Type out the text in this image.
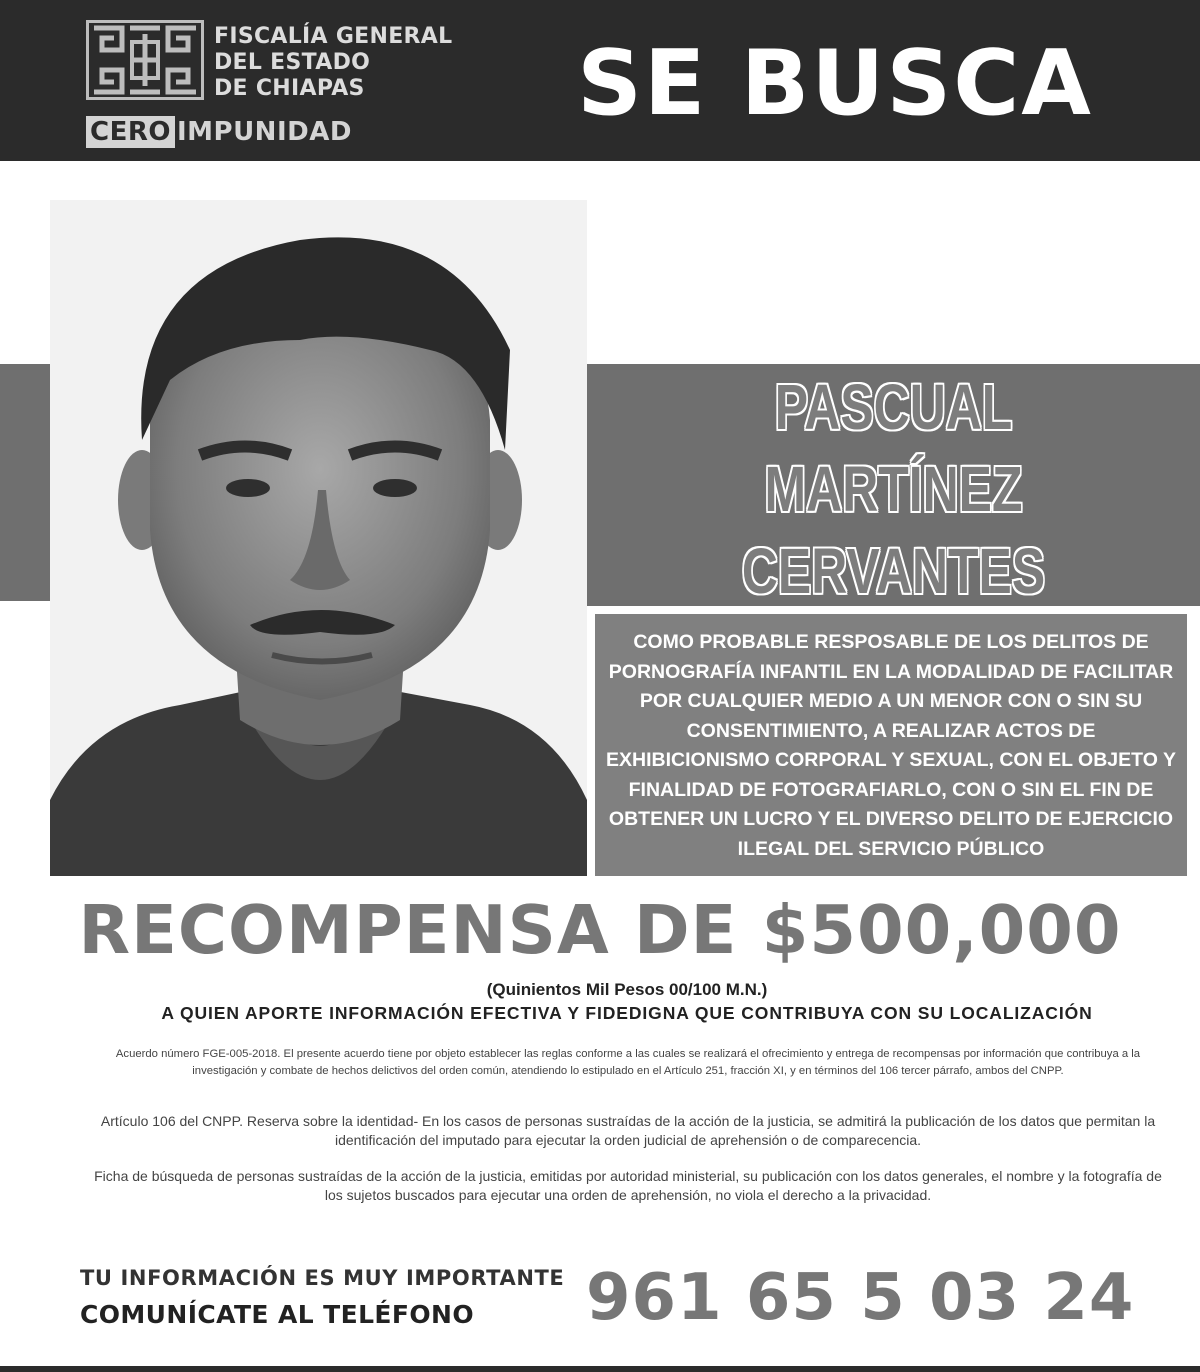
FISCALÍA GENERAL
DEL ESTADO
DE CHIAPAS
CERO IMPUNIDAD	SE BUSCA
PASCUAL
MARTÍNEZ
CERVANTES
COMO PROBABLE RESPOSABLE DE LOS DELITOS DE PORNOGRAFÍA INFANTIL EN LA MODALIDAD DE FACILITAR POR CUALQUIER MEDIO A UN MENOR CON O SIN SU CONSENTIMIENTO, A REALIZAR ACTOS DE EXHIBICIONISMO CORPORAL Y SEXUAL, CON EL OBJETO Y FINALIDAD DE FOTOGRAFIARLO, CON O SIN EL FIN DE OBTENER UN LUCRO Y EL DIVERSO DELITO DE EJERCICIO ILEGAL DEL SERVICIO PÚBLICO
RECOMPENSA DE $500,000
(Quinientos Mil Pesos 00/100 M.N.)
A QUIEN APORTE INFORMACIÓN EFECTIVA Y FIDEDIGNA QUE CONTRIBUYA CON SU LOCALIZACIÓN
Acuerdo número FGE-005-2018. El presente acuerdo tiene por objeto establecer las reglas conforme a las cuales se realizará el ofrecimiento y entrega de recompensas por información que contribuya a la investigación y combate de hechos delictivos del orden común, atendiendo lo estipulado en el Artículo 251, fracción XI, y en términos del 106 tercer párrafo, ambos del CNPP.
Artículo 106 del CNPP. Reserva sobre la identidad- En los casos de personas sustraídas de la acción de la justicia, se admitirá la publicación de los datos que permitan la identificación del imputado para ejecutar la orden judicial de aprehensión o de comparecencia.
Ficha de búsqueda de personas sustraídas de la acción de la justicia, emitidas por autoridad ministerial, su publicación con los datos generales, el nombre y la fotografía de los sujetos buscados para ejecutar una orden de aprehensión, no viola el derecho a la privacidad.
TU INFORMACIÓN ES MUY IMPORTANTE
COMUNÍCATE AL TELÉFONO 961 65 5 03 24
